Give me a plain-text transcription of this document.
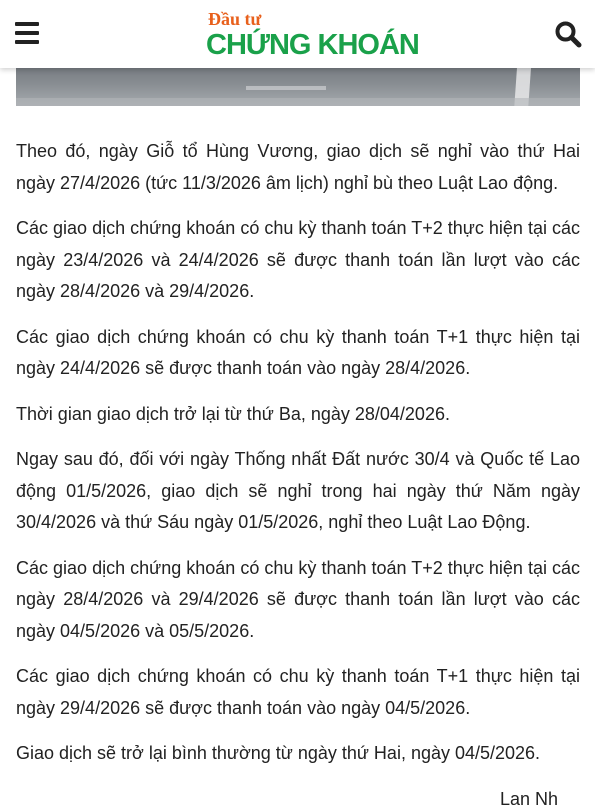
Đầu tư
CHỨNG KHOÁN

Theo đó, ngày Giỗ tổ Hùng Vương, giao dịch sẽ nghỉ vào thứ Hai ngày 27/4/2026 (tức 11/3/2026 âm lịch) nghỉ bù theo Luật Lao động.

Các giao dịch chứng khoán có chu kỳ thanh toán T+2 thực hiện tại các ngày 23/4/2026 và 24/4/2026 sẽ được thanh toán lần lượt vào các ngày 28/4/2026 và 29/4/2026.

Các giao dịch chứng khoán có chu kỳ thanh toán T+1 thực hiện tại ngày 24/4/2026 sẽ được thanh toán vào ngày 28/4/2026.

Thời gian giao dịch trở lại từ thứ Ba, ngày 28/04/2026.

Ngay sau đó, đối với ngày Thống nhất Đất nước 30/4 và Quốc tế Lao động 01/5/2026, giao dịch sẽ nghỉ trong hai ngày thứ Năm ngày 30/4/2026 và thứ Sáu ngày 01/5/2026, nghỉ theo Luật Lao Động.

Các giao dịch chứng khoán có chu kỳ thanh toán T+2 thực hiện tại các ngày 28/4/2026 và 29/4/2026 sẽ được thanh toán lần lượt vào các ngày 04/5/2026 và 05/5/2026.

Các giao dịch chứng khoán có chu kỳ thanh toán T+1 thực hiện tại ngày 29/4/2026 sẽ được thanh toán vào ngày 04/5/2026.

Giao dịch sẽ trở lại bình thường từ ngày thứ Hai, ngày 04/5/2026.

Lan Nh
